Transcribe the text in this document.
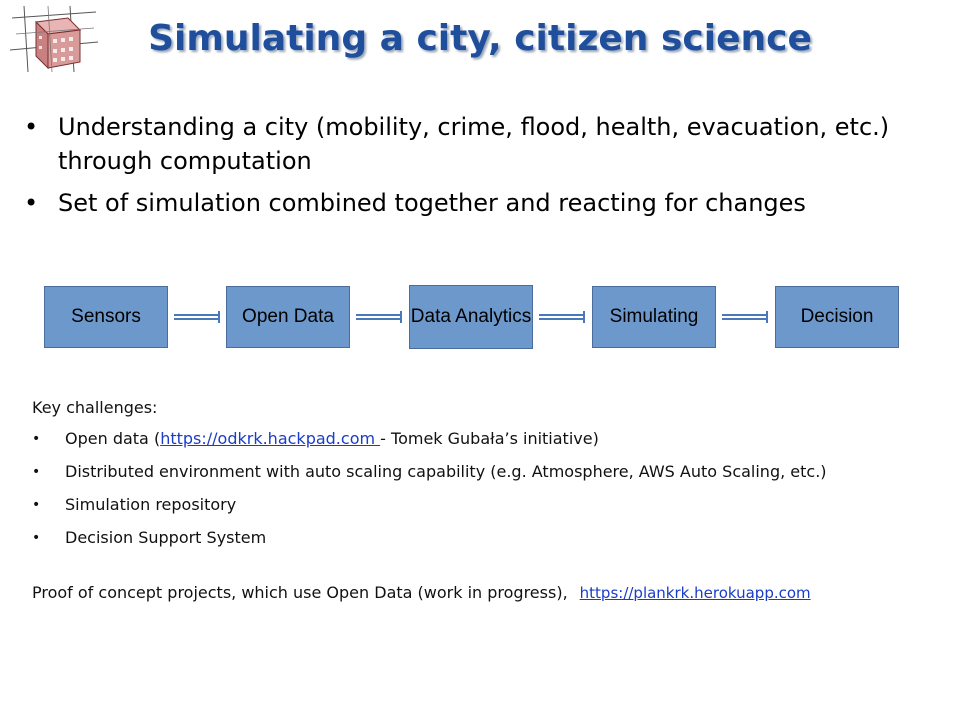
Simulating a city, citizen science
• Understanding a city (mobility, crime, flood, health, evacuation, etc.) through computation
• Set of simulation combined together and reacting for changes
Sensors	Open Data	Data Analytics	Simulating	Decision
Key challenges:
• Open data (https://odkrk.hackpad.com - Tomek Gubała’s initiative)
• Distributed environment with auto scaling capability (e.g. Atmosphere, AWS Auto Scaling, etc.)
• Simulation repository
• Decision Support System
Proof of concept projects, which use Open Data (work in progress), https://plankrk.herokuapp.com
